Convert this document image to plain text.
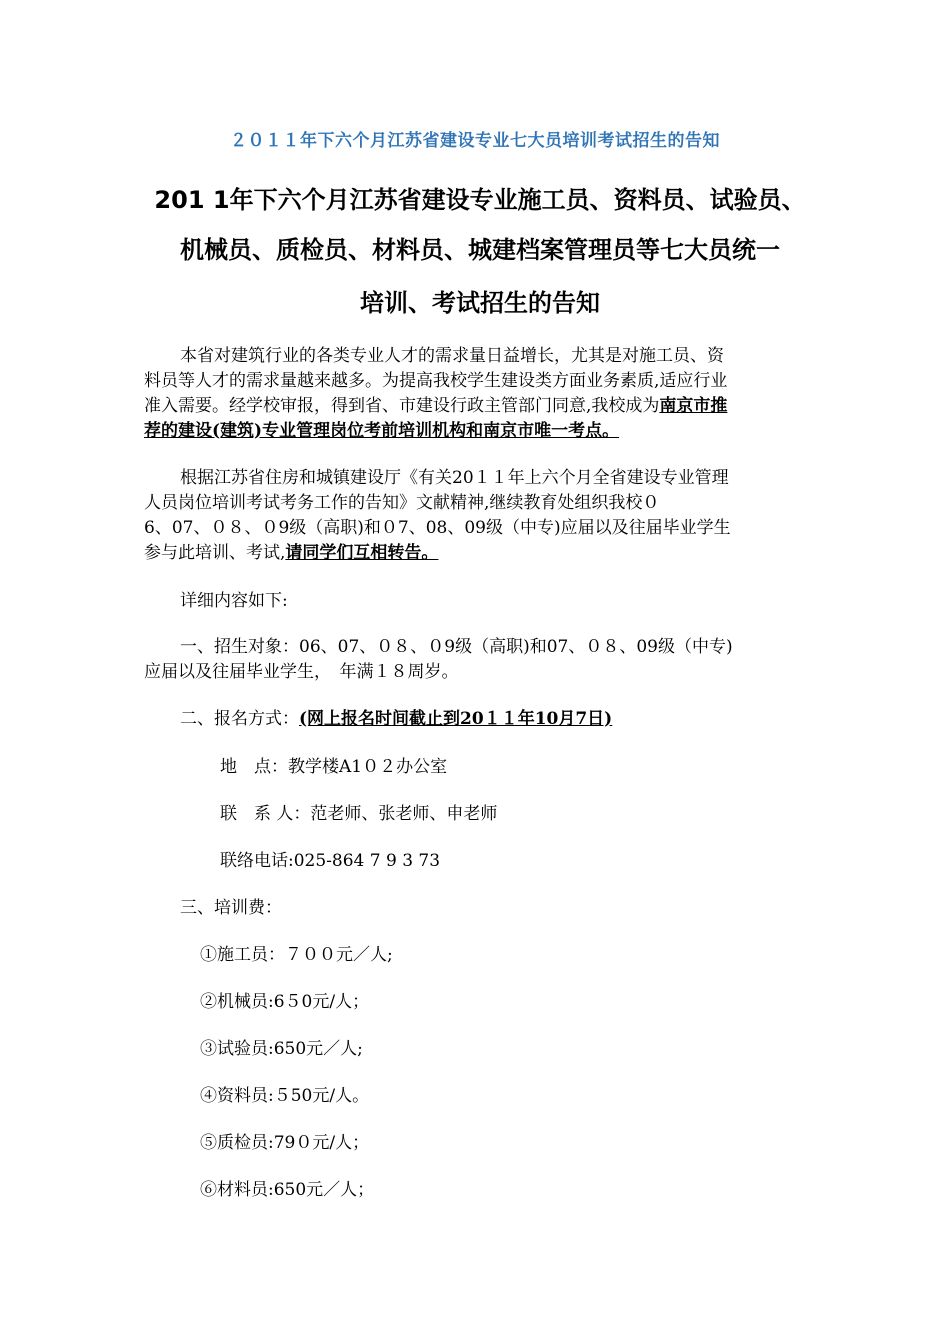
２０１１年下六个月江苏省建设专业七大员培训考试招生的告知
201 1年下六个月江苏省建设专业施工员、资料员、试验员、
机械员、质检员、材料员、城建档案管理员等七大员统一
培训、考试招生的告知
本省对建筑行业的各类专业人才的需求量日益增长，尤其是对施工员、资
料员等人才的需求量越来越多。为提高我校学生建设类方面业务素质,适应行业
准入需要。经学校审报，得到省、市建设行政主管部门同意,我校成为南京市推
荐的建设(建筑)专业管理岗位考前培训机构和南京市唯一考点。
根据江苏省住房和城镇建设厅《有关20１１年上六个月全省建设专业管理
人员岗位培训考试考务工作的告知》文献精神,继续教育处组织我校０
6、07、０８、０9级（高职)和０7、08、09级（中专)应届以及往届毕业学生
参与此培训、考试,请同学们互相转告。
详细内容如下:
一、招生对象：06、07、０８、０9级（高职)和07、０８、09级（中专)
应届以及往届毕业学生，　年满１８周岁。
二、报名方式：(网上报名时间截止到20１１年10月7日)
地　点：教学楼A1０２办公室
联　系 人：范老师、张老师、申老师
联络电话:025-864 7 9 3 73
三、培训费：
①施工员：７００元／人;
②机械员:6５0元/人；
③试验员:650元／人;
④资料员:５50元/人。
⑤质检员:79０元/人；
⑥材料员:650元／人；
